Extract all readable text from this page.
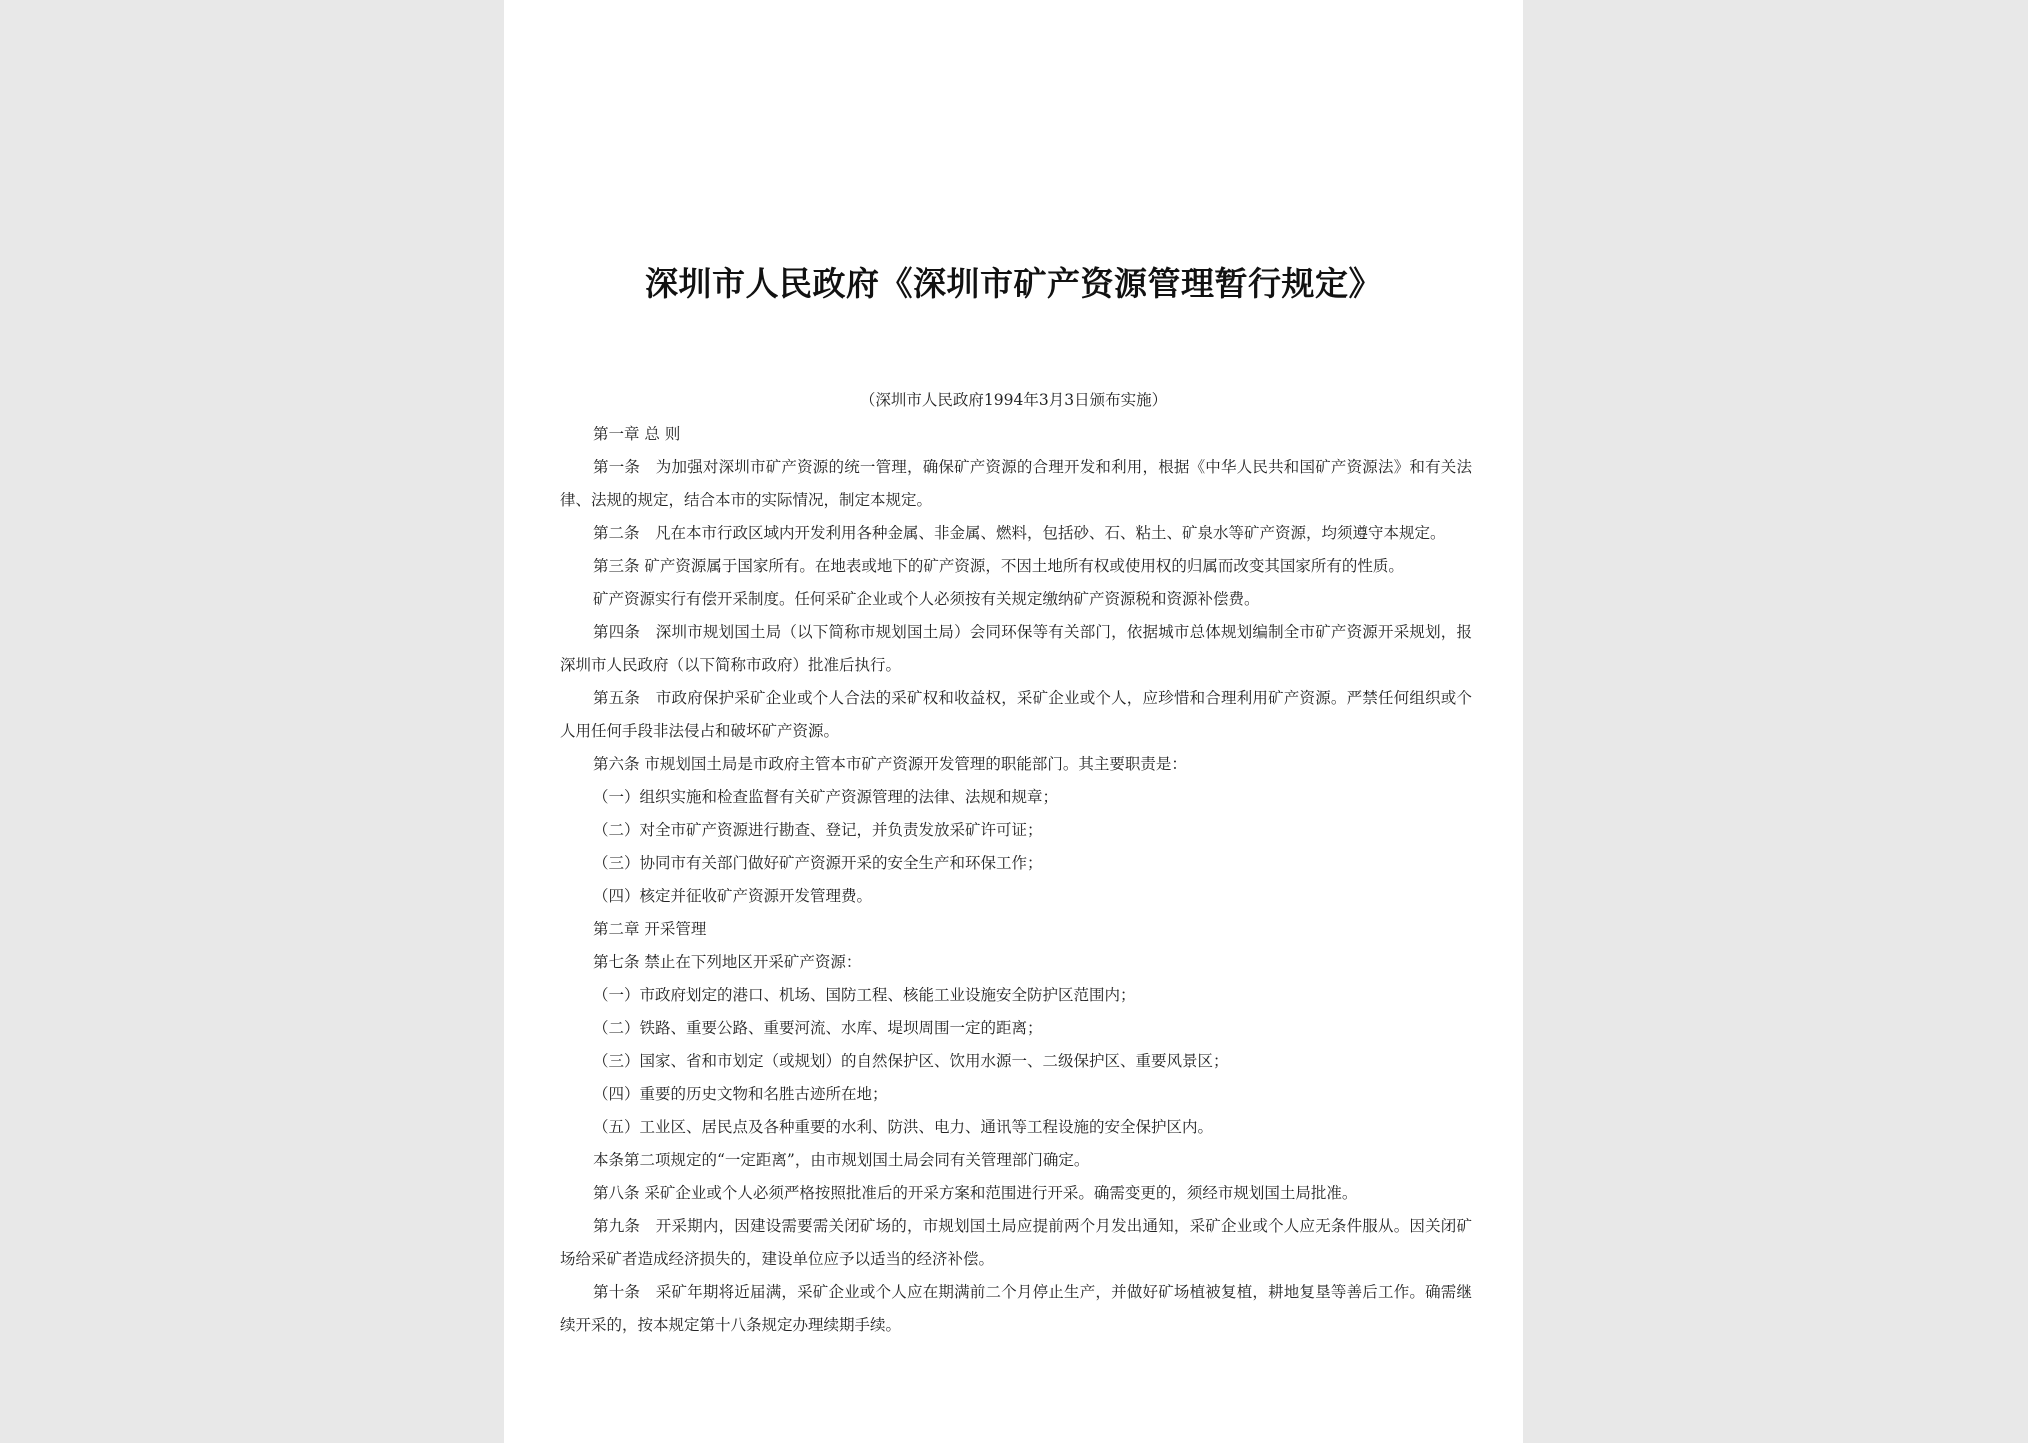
深圳市人民政府《深圳市矿产资源管理暂行规定》

（深圳市人民政府1994年3月3日颁布实施）

第一章 总 则

第一条　为加强对深圳市矿产资源的统一管理，确保矿产资源的合理开发和利用，根据《中华人民共和国矿产资源法》和有关法律、法规的规定，结合本市的实际情况，制定本规定。

第二条　凡在本市行政区域内开发利用各种金属、非金属、燃料，包括砂、石、粘土、矿泉水等矿产资源，均须遵守本规定。

第三条 矿产资源属于国家所有。在地表或地下的矿产资源，不因土地所有权或使用权的归属而改变其国家所有的性质。

矿产资源实行有偿开采制度。任何采矿企业或个人必须按有关规定缴纳矿产资源税和资源补偿费。

第四条　深圳市规划国土局（以下简称市规划国土局）会同环保等有关部门，依据城市总体规划编制全市矿产资源开采规划，报深圳市人民政府（以下简称市政府）批准后执行。

第五条　市政府保护采矿企业或个人合法的采矿权和收益权，采矿企业或个人，应珍惜和合理利用矿产资源。严禁任何组织或个人用任何手段非法侵占和破坏矿产资源。

第六条 市规划国土局是市政府主管本市矿产资源开发管理的职能部门。其主要职责是：

（一）组织实施和检查监督有关矿产资源管理的法律、法规和规章；

（二）对全市矿产资源进行勘查、登记，并负责发放采矿许可证；

（三）协同市有关部门做好矿产资源开采的安全生产和环保工作；

（四）核定并征收矿产资源开发管理费。

第二章 开采管理

第七条 禁止在下列地区开采矿产资源：

（一）市政府划定的港口、机场、国防工程、核能工业设施安全防护区范围内；

（二）铁路、重要公路、重要河流、水库、堤坝周围一定的距离；

（三）国家、省和市划定（或规划）的自然保护区、饮用水源一、二级保护区、重要风景区；

（四）重要的历史文物和名胜古迹所在地；

（五）工业区、居民点及各种重要的水利、防洪、电力、通讯等工程设施的安全保护区内。

本条第二项规定的“一定距离”，由市规划国土局会同有关管理部门确定。

第八条 采矿企业或个人必须严格按照批准后的开采方案和范围进行开采。确需变更的，须经市规划国土局批准。

第九条　开采期内，因建设需要需关闭矿场的，市规划国土局应提前两个月发出通知，采矿企业或个人应无条件服从。因关闭矿场给采矿者造成经济损失的，建设单位应予以适当的经济补偿。

第十条　采矿年期将近届满，采矿企业或个人应在期满前二个月停止生产，并做好矿场植被复植，耕地复垦等善后工作。确需继续开采的，按本规定第十八条规定办理续期手续。
